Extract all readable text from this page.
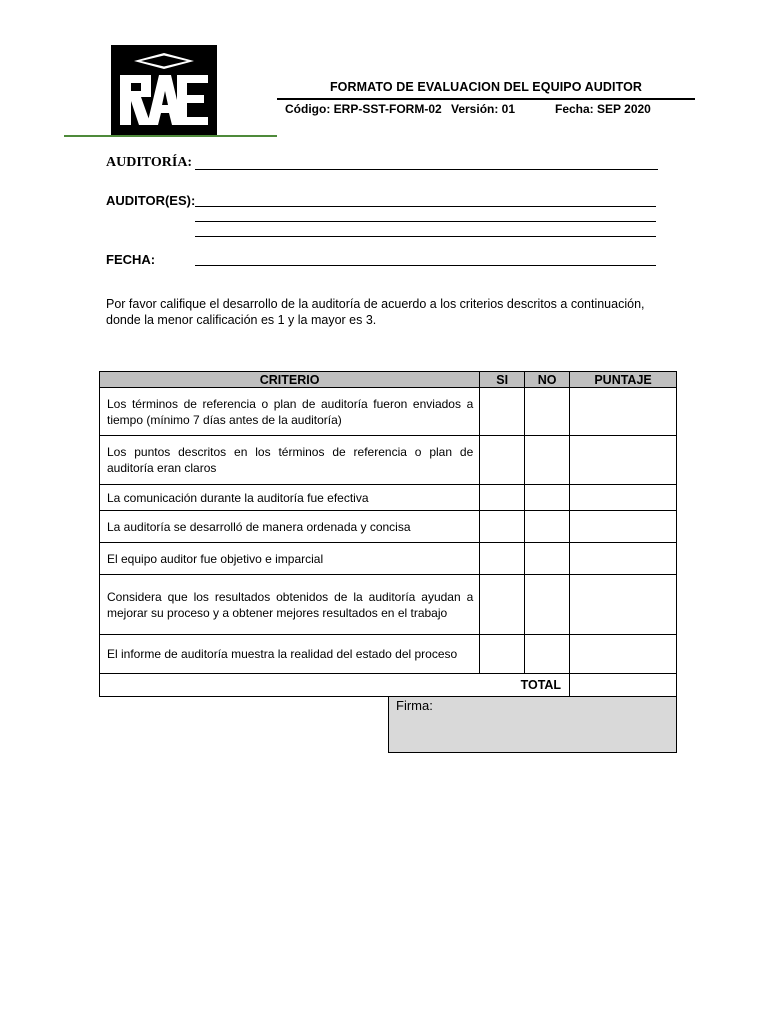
FORMATO DE EVALUACION DEL EQUIPO AUDITOR
Código: ERP-SST-FORM-02 Versión: 01	Fecha: SEP 2020
AUDITORÍA:
AUDITOR(ES):
FECHA:
Por favor califique el desarrollo de la auditoría de acuerdo a los criterios descritos a continuación, donde la menor calificación es 1 y la mayor es 3.
CRITERIO	SI	NO	PUNTAJE
Los términos de referencia o plan de auditoría fueron enviados a tiempo (mínimo 7 días antes de la auditoría)			
Los puntos descritos en los términos de referencia o plan de auditoría eran claros			
La comunicación durante la auditoría fue efectiva			
La auditoría se desarrolló de manera ordenada y concisa			
El equipo auditor fue objetivo e imparcial			
Considera que los resultados obtenidos de la auditoría ayudan a mejorar su proceso y a obtener mejores resultados en el trabajo			
El informe de auditoría muestra la realidad del estado del proceso			
TOTAL			
Firma:
